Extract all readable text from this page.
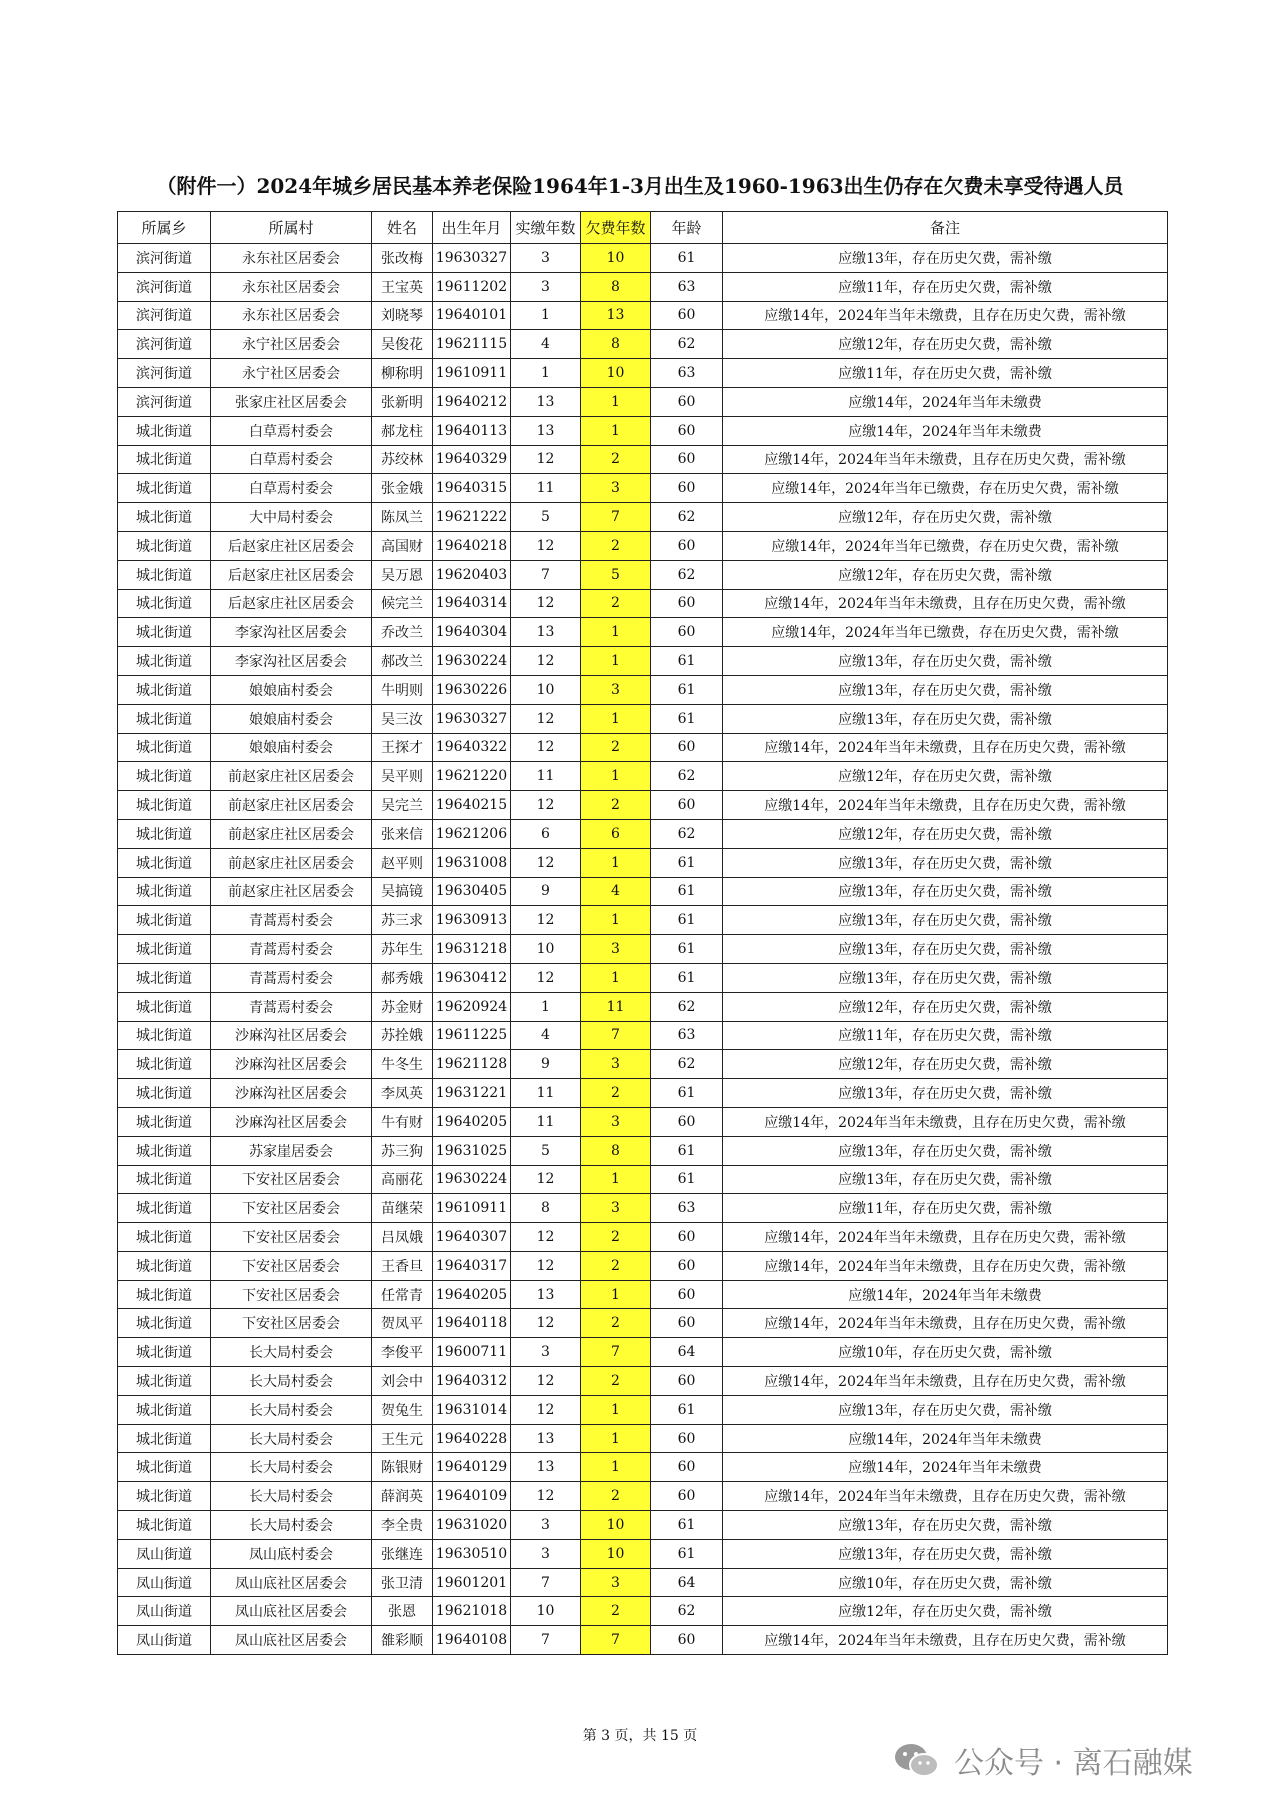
（附件一）2024年城乡居民基本养老保险1964年1-3月出生及1960-1963出生仍存在欠费未享受待遇人员
所属乡	所属村	姓名	出生年月	实缴年数	欠费年数	年龄	备注
滨河街道	永东社区居委会	张改梅	19630327	3	10	61	应缴13年，存在历史欠费，需补缴
滨河街道	永东社区居委会	王宝英	19611202	3	8	63	应缴11年，存在历史欠费，需补缴
滨河街道	永东社区居委会	刘晓琴	19640101	1	13	60	应缴14年，2024年当年未缴费，且存在历史欠费，需补缴
滨河街道	永宁社区居委会	吴俊花	19621115	4	8	62	应缴12年，存在历史欠费，需补缴
滨河街道	永宁社区居委会	柳称明	19610911	1	10	63	应缴11年，存在历史欠费，需补缴
滨河街道	张家庄社区居委会	张新明	19640212	13	1	60	应缴14年，2024年当年未缴费
城北街道	白草焉村委会	郝龙柱	19640113	13	1	60	应缴14年，2024年当年未缴费
城北街道	白草焉村委会	苏绞林	19640329	12	2	60	应缴14年，2024年当年未缴费，且存在历史欠费，需补缴
城北街道	白草焉村委会	张金娥	19640315	11	3	60	应缴14年，2024年当年已缴费，存在历史欠费，需补缴
城北街道	大中局村委会	陈凤兰	19621222	5	7	62	应缴12年，存在历史欠费，需补缴
城北街道	后赵家庄社区居委会	高国财	19640218	12	2	60	应缴14年，2024年当年已缴费，存在历史欠费，需补缴
城北街道	后赵家庄社区居委会	吴万恩	19620403	7	5	62	应缴12年，存在历史欠费，需补缴
城北街道	后赵家庄社区居委会	候完兰	19640314	12	2	60	应缴14年，2024年当年未缴费，且存在历史欠费，需补缴
城北街道	李家沟社区居委会	乔改兰	19640304	13	1	60	应缴14年，2024年当年已缴费，存在历史欠费，需补缴
城北街道	李家沟社区居委会	郝改兰	19630224	12	1	61	应缴13年，存在历史欠费，需补缴
城北街道	娘娘庙村委会	牛明则	19630226	10	3	61	应缴13年，存在历史欠费，需补缴
城北街道	娘娘庙村委会	吴三汝	19630327	12	1	61	应缴13年，存在历史欠费，需补缴
城北街道	娘娘庙村委会	王探才	19640322	12	2	60	应缴14年，2024年当年未缴费，且存在历史欠费，需补缴
城北街道	前赵家庄社区居委会	吴平则	19621220	11	1	62	应缴12年，存在历史欠费，需补缴
城北街道	前赵家庄社区居委会	吴完兰	19640215	12	2	60	应缴14年，2024年当年未缴费，且存在历史欠费，需补缴
城北街道	前赵家庄社区居委会	张来信	19621206	6	6	62	应缴12年，存在历史欠费，需补缴
城北街道	前赵家庄社区居委会	赵平则	19631008	12	1	61	应缴13年，存在历史欠费，需补缴
城北街道	前赵家庄社区居委会	吴搞镜	19630405	9	4	61	应缴13年，存在历史欠费，需补缴
城北街道	青蒿焉村委会	苏三求	19630913	12	1	61	应缴13年，存在历史欠费，需补缴
城北街道	青蒿焉村委会	苏年生	19631218	10	3	61	应缴13年，存在历史欠费，需补缴
城北街道	青蒿焉村委会	郝秀娥	19630412	12	1	61	应缴13年，存在历史欠费，需补缴
城北街道	青蒿焉村委会	苏金财	19620924	1	11	62	应缴12年，存在历史欠费，需补缴
城北街道	沙麻沟社区居委会	苏拴娥	19611225	4	7	63	应缴11年，存在历史欠费，需补缴
城北街道	沙麻沟社区居委会	牛冬生	19621128	9	3	62	应缴12年，存在历史欠费，需补缴
城北街道	沙麻沟社区居委会	李凤英	19631221	11	2	61	应缴13年，存在历史欠费，需补缴
城北街道	沙麻沟社区居委会	牛有财	19640205	11	3	60	应缴14年，2024年当年未缴费，且存在历史欠费，需补缴
城北街道	苏家崖居委会	苏三狗	19631025	5	8	61	应缴13年，存在历史欠费，需补缴
城北街道	下安社区居委会	高丽花	19630224	12	1	61	应缴13年，存在历史欠费，需补缴
城北街道	下安社区居委会	苗继荣	19610911	8	3	63	应缴11年，存在历史欠费，需补缴
城北街道	下安社区居委会	吕凤娥	19640307	12	2	60	应缴14年，2024年当年未缴费，且存在历史欠费，需补缴
城北街道	下安社区居委会	王香旦	19640317	12	2	60	应缴14年，2024年当年未缴费，且存在历史欠费，需补缴
城北街道	下安社区居委会	任常青	19640205	13	1	60	应缴14年，2024年当年未缴费
城北街道	下安社区居委会	贺凤平	19640118	12	2	60	应缴14年，2024年当年未缴费，且存在历史欠费，需补缴
城北街道	长大局村委会	李俊平	19600711	3	7	64	应缴10年，存在历史欠费，需补缴
城北街道	长大局村委会	刘会中	19640312	12	2	60	应缴14年，2024年当年未缴费，且存在历史欠费，需补缴
城北街道	长大局村委会	贺兔生	19631014	12	1	61	应缴13年，存在历史欠费，需补缴
城北街道	长大局村委会	王生元	19640228	13	1	60	应缴14年，2024年当年未缴费
城北街道	长大局村委会	陈银财	19640129	13	1	60	应缴14年，2024年当年未缴费
城北街道	长大局村委会	薛润英	19640109	12	2	60	应缴14年，2024年当年未缴费，且存在历史欠费，需补缴
城北街道	长大局村委会	李全贵	19631020	3	10	61	应缴13年，存在历史欠费，需补缴
凤山街道	凤山底村委会	张继连	19630510	3	10	61	应缴13年，存在历史欠费，需补缴
凤山街道	凤山底社区居委会	张卫清	19601201	7	3	64	应缴10年，存在历史欠费，需补缴
凤山街道	凤山底社区居委会	张恩	19621018	10	2	62	应缴12年，存在历史欠费，需补缴
凤山街道	凤山底社区居委会	雒彩顺	19640108	7	7	60	应缴14年，2024年当年未缴费，且存在历史欠费，需补缴
第 3 页，共 15 页
公众号 · 离石融媒
